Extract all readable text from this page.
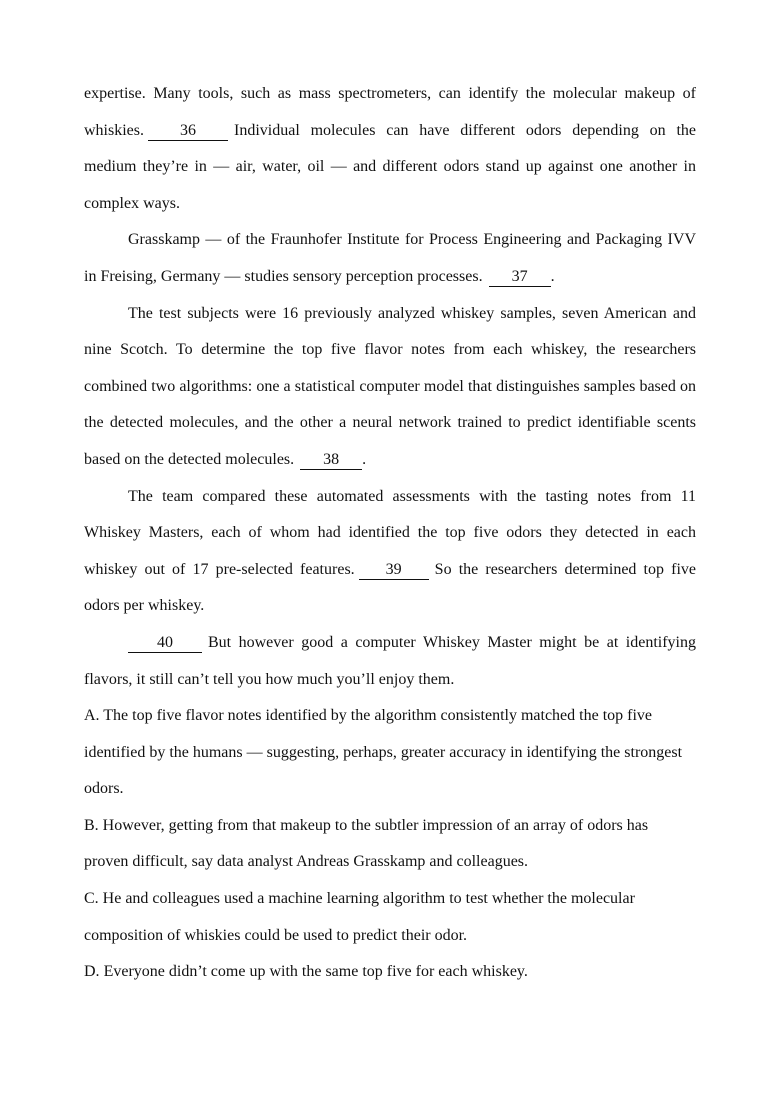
expertise. Many tools, such as mass spectrometers, can identify the molecular makeup of whiskies. 36 Individual molecules can have different odors depending on the medium they’re in — air, water, oil — and different odors stand up against one another in complex ways.

Grasskamp — of the Fraunhofer Institute for Process Engineering and Packaging IVV in Freising, Germany — studies sensory perception processes. 37 .

The test subjects were 16 previously analyzed whiskey samples, seven American and nine Scotch. To determine the top five flavor notes from each whiskey, the researchers combined two algorithms: one a statistical computer model that distinguishes samples based on the detected molecules, and the other a neural network trained to predict identifiable scents based on the detected molecules. 38 .

The team compared these automated assessments with the tasting notes from 11 Whiskey Masters, each of whom had identified the top five odors they detected in each whiskey out of 17 pre-selected features. 39 So the researchers determined top five odors per whiskey.

40 But however good a computer Whiskey Master might be at identifying flavors, it still can’t tell you how much you’ll enjoy them.

A. The top five flavor notes identified by the algorithm consistently matched the top five identified by the humans — suggesting, perhaps, greater accuracy in identifying the strongest odors.

B. However, getting from that makeup to the subtler impression of an array of odors has proven difficult, say data analyst Andreas Grasskamp and colleagues.

C. He and colleagues used a machine learning algorithm to test whether the molecular composition of whiskies could be used to predict their odor.

D. Everyone didn’t come up with the same top five for each whiskey.
